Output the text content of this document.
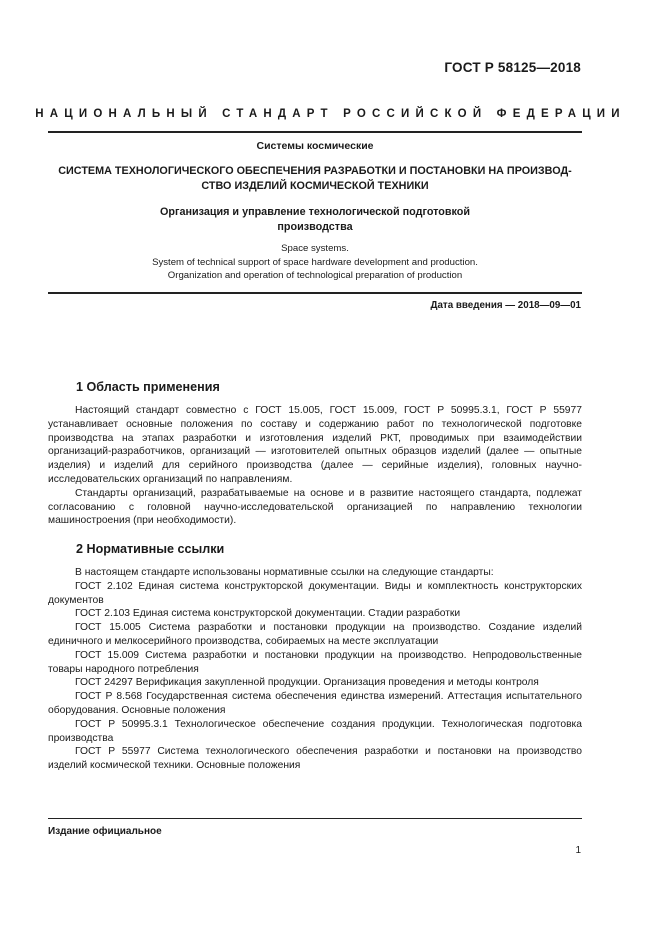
ГОСТ Р 58125—2018
НАЦИОНАЛЬНЫЙ СТАНДАРТ РОССИЙСКОЙ ФЕДЕРАЦИИ
Системы космические
СИСТЕМА ТЕХНОЛОГИЧЕСКОГО ОБЕСПЕЧЕНИЯ РАЗРАБОТКИ И ПОСТАНОВКИ НА ПРОИЗВОД-
СТВО ИЗДЕЛИЙ КОСМИЧЕСКОЙ ТЕХНИКИ
Организация и управление технологической подготовкой
производства
Space systems.
System of technical support of space hardware development and production.
Organization and operation of technological preparation of production
Дата введения — 2018—09—01
1 Область применения

Настоящий стандарт совместно с ГОСТ 15.005, ГОСТ 15.009, ГОСТ Р 50995.3.1, ГОСТ Р 55977 устанавливает основные положения по составу и содержанию работ по технологической подготовке производства на этапах разработки и изготовления изделий РКТ, проводимых при взаимодействии организаций-разработчиков, организаций — изготовителей опытных образцов изделий (далее — опытные изделия) и изделий для серийного производства (далее — серийные изделия), головных научно-исследовательских организаций по направлениям.

Стандарты организаций, разрабатываемые на основе и в развитие настоящего стандарта, подлежат согласованию с головной научно-исследовательской организацией по направлению технологии машиностроения (при необходимости).

2 Нормативные ссылки

В настоящем стандарте использованы нормативные ссылки на следующие стандарты:

ГОСТ 2.102 Единая система конструкторской документации. Виды и комплектность конструкторских документов

ГОСТ 2.103 Единая система конструкторской документации. Стадии разработки

ГОСТ 15.005 Система разработки и постановки продукции на производство. Создание изделий единичного и мелкосерийного производства, собираемых на месте эксплуатации

ГОСТ 15.009 Система разработки и постановки продукции на производство. Непродовольственные товары народного потребления

ГОСТ 24297 Верификация закупленной продукции. Организация проведения и методы контроля

ГОСТ Р 8.568 Государственная система обеспечения единства измерений. Аттестация испытательного оборудования. Основные положения

ГОСТ Р 50995.3.1 Технологическое обеспечение создания продукции. Технологическая подготовка производства

ГОСТ Р 55977 Система технологического обеспечения разработки и постановки на производство изделий космической техники. Основные положения

Издание официальное
1
